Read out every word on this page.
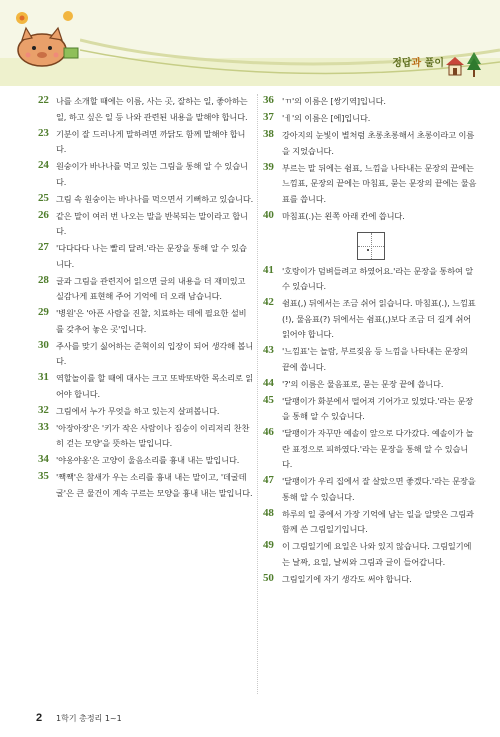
정답과 풀이
22 나를 소개할 때에는 이름, 사는 곳, 잘하는 일, 좋아하는 일, 하고 싶은 일 등 나와 관련된 내용을 말해야 합니다.
23 기분이 잘 드러나게 말하려면 까닭도 함께 말해야 합니다.
24 원숭이가 바나나를 먹고 있는 그림을 통해 알 수 있습니다.
25 그림 속 원숭이는 바나나를 먹으면서 기뻐하고 있습니다.
26 같은 말이 여러 번 나오는 말을 반복되는 말이라고 합니다.
27 '다다다다 나는 빨리 달려.'라는 문장을 통해 알 수 있습니다.
28 글과 그림을 관련지어 읽으면 글의 내용을 더 재미있고 실감나게 표현해 주어 기억에 더 오래 남습니다.
29 '병원'은 '아픈 사람을 진찰, 치료하는 데에 필요한 설비를 갖추어 놓은 곳'입니다.
30 주사를 맞기 싫어하는 준혁이의 입장이 되어 생각해 봅니다.
31 역할놀이를 할 때에 대사는 크고 또박또박한 목소리로 읽어야 합니다.
32 그림에서 누가 무엇을 하고 있는지 살펴봅니다.
33 '아장아장'은 '키가 작은 사람이나 짐승이 이리저리 찬찬히 걷는 모양'을 뜻하는 말입니다.
34 '야옹야옹'은 고양이 울음소리를 흉내 내는 말입니다.
35 '짹짹'은 참새가 우는 소리를 흉내 내는 말이고, '데굴데굴'은 큰 물건이 계속 구르는 모양을 흉내 내는 말입니다.
36 'ㄲ'의 이름은 [쌍기역]입니다.
37 'ㅔ'의 이름은 [에]입니다.
38 강아지의 눈빛이 별처럼 초롱초롱해서 초롱이라고 이름을 지었습니다.
39 부르는 말 뒤에는 쉼표, 느낌을 나타내는 문장의 끝에는 느낌표, 문장의 끝에는 마침표, 묻는 문장의 끝에는 물음표를 씁니다.
40 마침표(.)는 왼쪽 아래 칸에 씁니다.
41 '호랑이가 덤벼들려고 하였어요.'라는 문장을 통하여 알 수 있습니다.
42 쉼표(,) 뒤에서는 조금 쉬어 읽습니다. 마침표(.), 느낌표(!), 물음표(?) 뒤에서는 쉼표(,)보다 조금 더 길게 쉬어 읽어야 합니다.
43 '느낌표'는 놀람, 부르짖음 등 느낌을 나타내는 문장의 끝에 씁니다.
44 '?'의 이름은 물음표로, 묻는 문장 끝에 씁니다.
45 '달팽이가 화분에서 떨어져 기어가고 있었다.'라는 문장을 통해 알 수 있습니다.
46 '달팽이가 자꾸만 예솔이 앞으로 다가갔다. 예솔이가 놀란 표정으로 피하였다.'라는 문장을 통해 알 수 있습니다.
47 '달팽이가 우리 집에서 잘 살았으면 좋겠다.'라는 문장을 통해 알 수 있습니다.
48 하루의 일 중에서 가장 기억에 남는 일을 알맞은 그림과 함께 쓴 그림일기입니다.
49 이 그림일기에 요일은 나와 있지 않습니다. 그림일기에는 날짜, 요일, 날씨와 그림과 글이 들어갑니다.
50 그림일기에 자기 생각도 써야 합니다.
2 1학기 총정리 1~1
